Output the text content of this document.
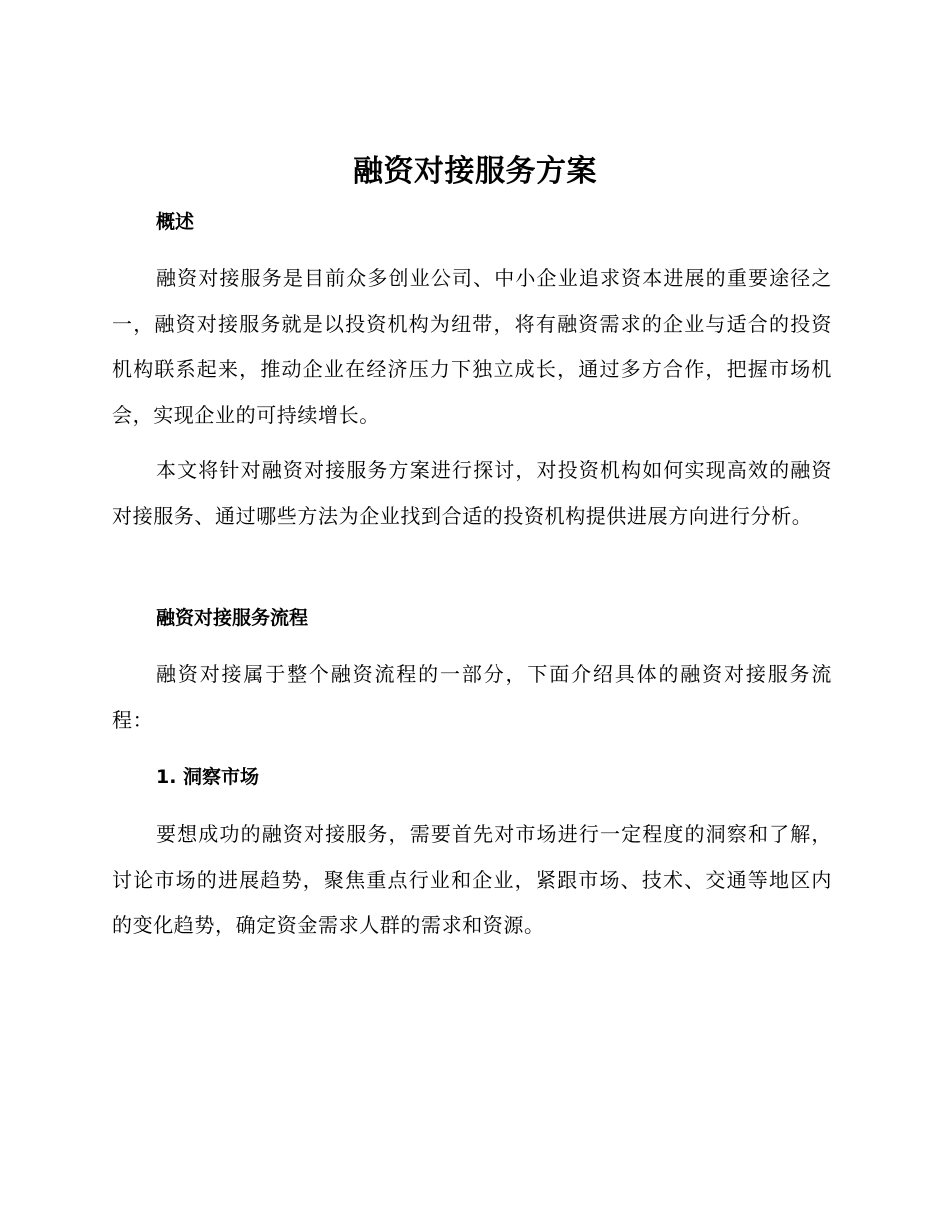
融资对接服务方案
概述

融资对接服务是目前众多创业公司、中小企业追求资本进展的重要途径之一，融资对接服务就是以投资机构为纽带，将有融资需求的企业与适合的投资机构联系起来，推动企业在经济压力下独立成长，通过多方合作，把握市场机会，实现企业的可持续增长。

本文将针对融资对接服务方案进行探讨，对投资机构如何实现高效的融资对接服务、通过哪些方法为企业找到合适的投资机构提供进展方向进行分析。

融资对接服务流程

融资对接属于整个融资流程的一部分，下面介绍具体的融资对接服务流程：

1. 洞察市场

要想成功的融资对接服务，需要首先对市场进行一定程度的洞察和了解，讨论市场的进展趋势，聚焦重点行业和企业，紧跟市场、技术、交通等地区内的变化趋势，确定资金需求人群的需求和资源。
